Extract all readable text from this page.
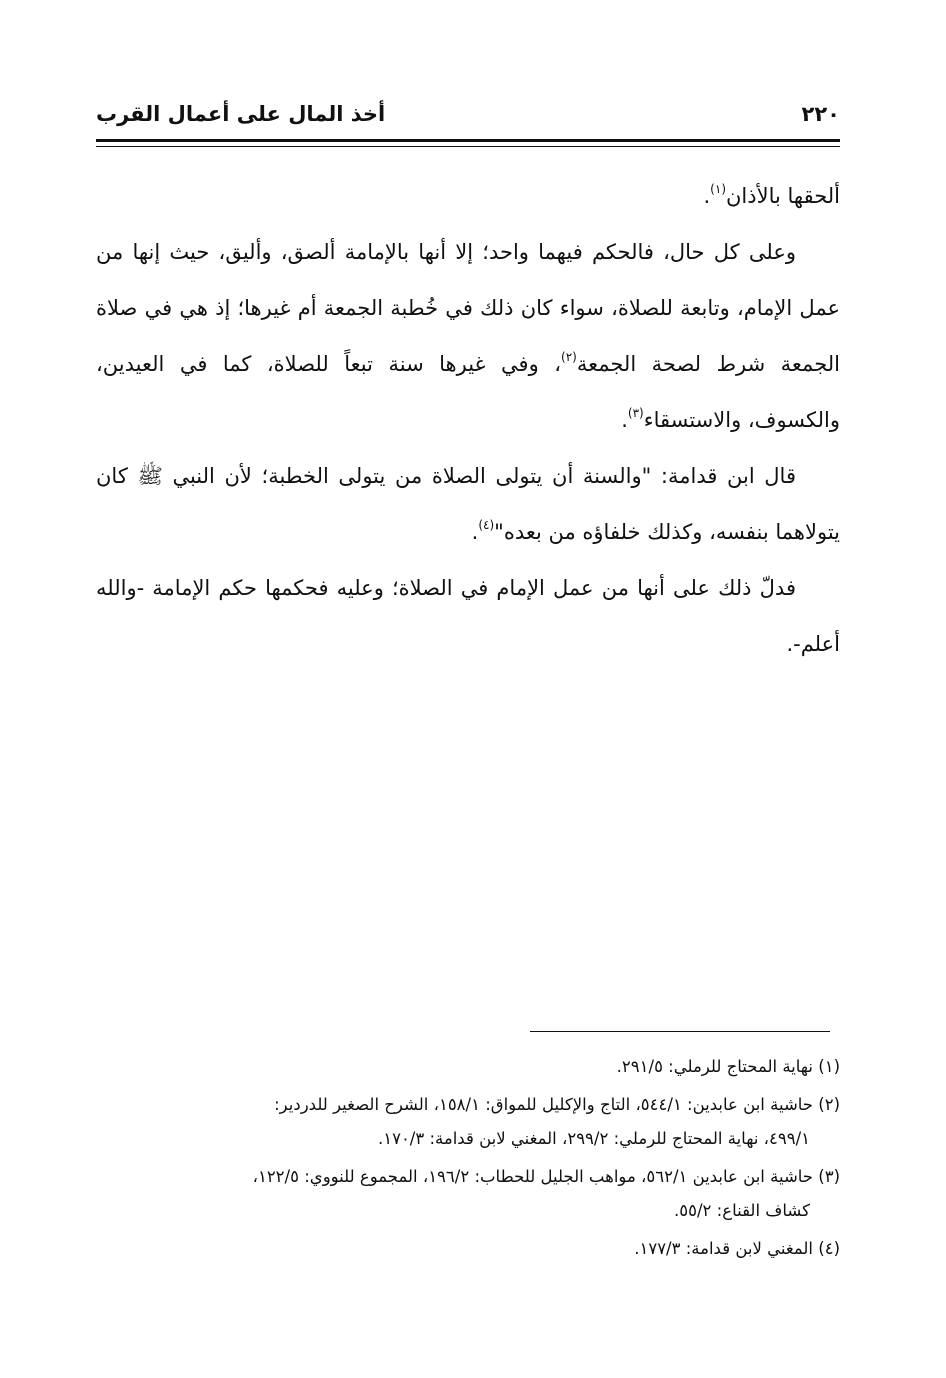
٢٢٠
أخذ المال على أعمال القرب

ألحقها بالأذان$^{(١)}$.

وعلى كل حال، فالحكم فيهما واحد؛ إلا أنها بالإمامة ألصق، وأليق، حيث إنها من عمل الإمام، وتابعة للصلاة، سواء كان ذلك في خُطبة الجمعة أم غيرها؛ إذ هي في صلاة الجمعة شرط لصحة الجمعة$^{(٢)}$، وفي غيرها سنة تبعاً للصلاة، كما في العيدين، والكسوف، والاستسقاء$^{(٣)}$.

قال ابن قدامة: "والسنة أن يتولى الصلاة من يتولى الخطبة؛ لأن النبي ﷺ كان يتولاهما بنفسه، وكذلك خلفاؤه من بعده"$^{(٤)}$.

فدلّ ذلك على أنها من عمل الإمام في الصلاة؛ وعليه فحكمها حكم الإمامة -والله أعلم-.

(١) نهاية المحتاج للرملي: ٢٩١/٥.

(٢) حاشية ابن عابدين: ٥٤٤/١، التاج والإكليل للمواق: ١٥٨/١، الشرح الصغير للدردير:
٤٩٩/١، نهاية المحتاج للرملي: ٢٩٩/٢، المغني لابن قدامة: ١٧٠/٣.

(٣) حاشية ابن عابدين ٥٦٢/١، مواهب الجليل للحطاب: ١٩٦/٢، المجموع للنووي: ١٢٢/٥،
كشاف القناع: ٥٥/٢.

(٤) المغني لابن قدامة: ١٧٧/٣.
